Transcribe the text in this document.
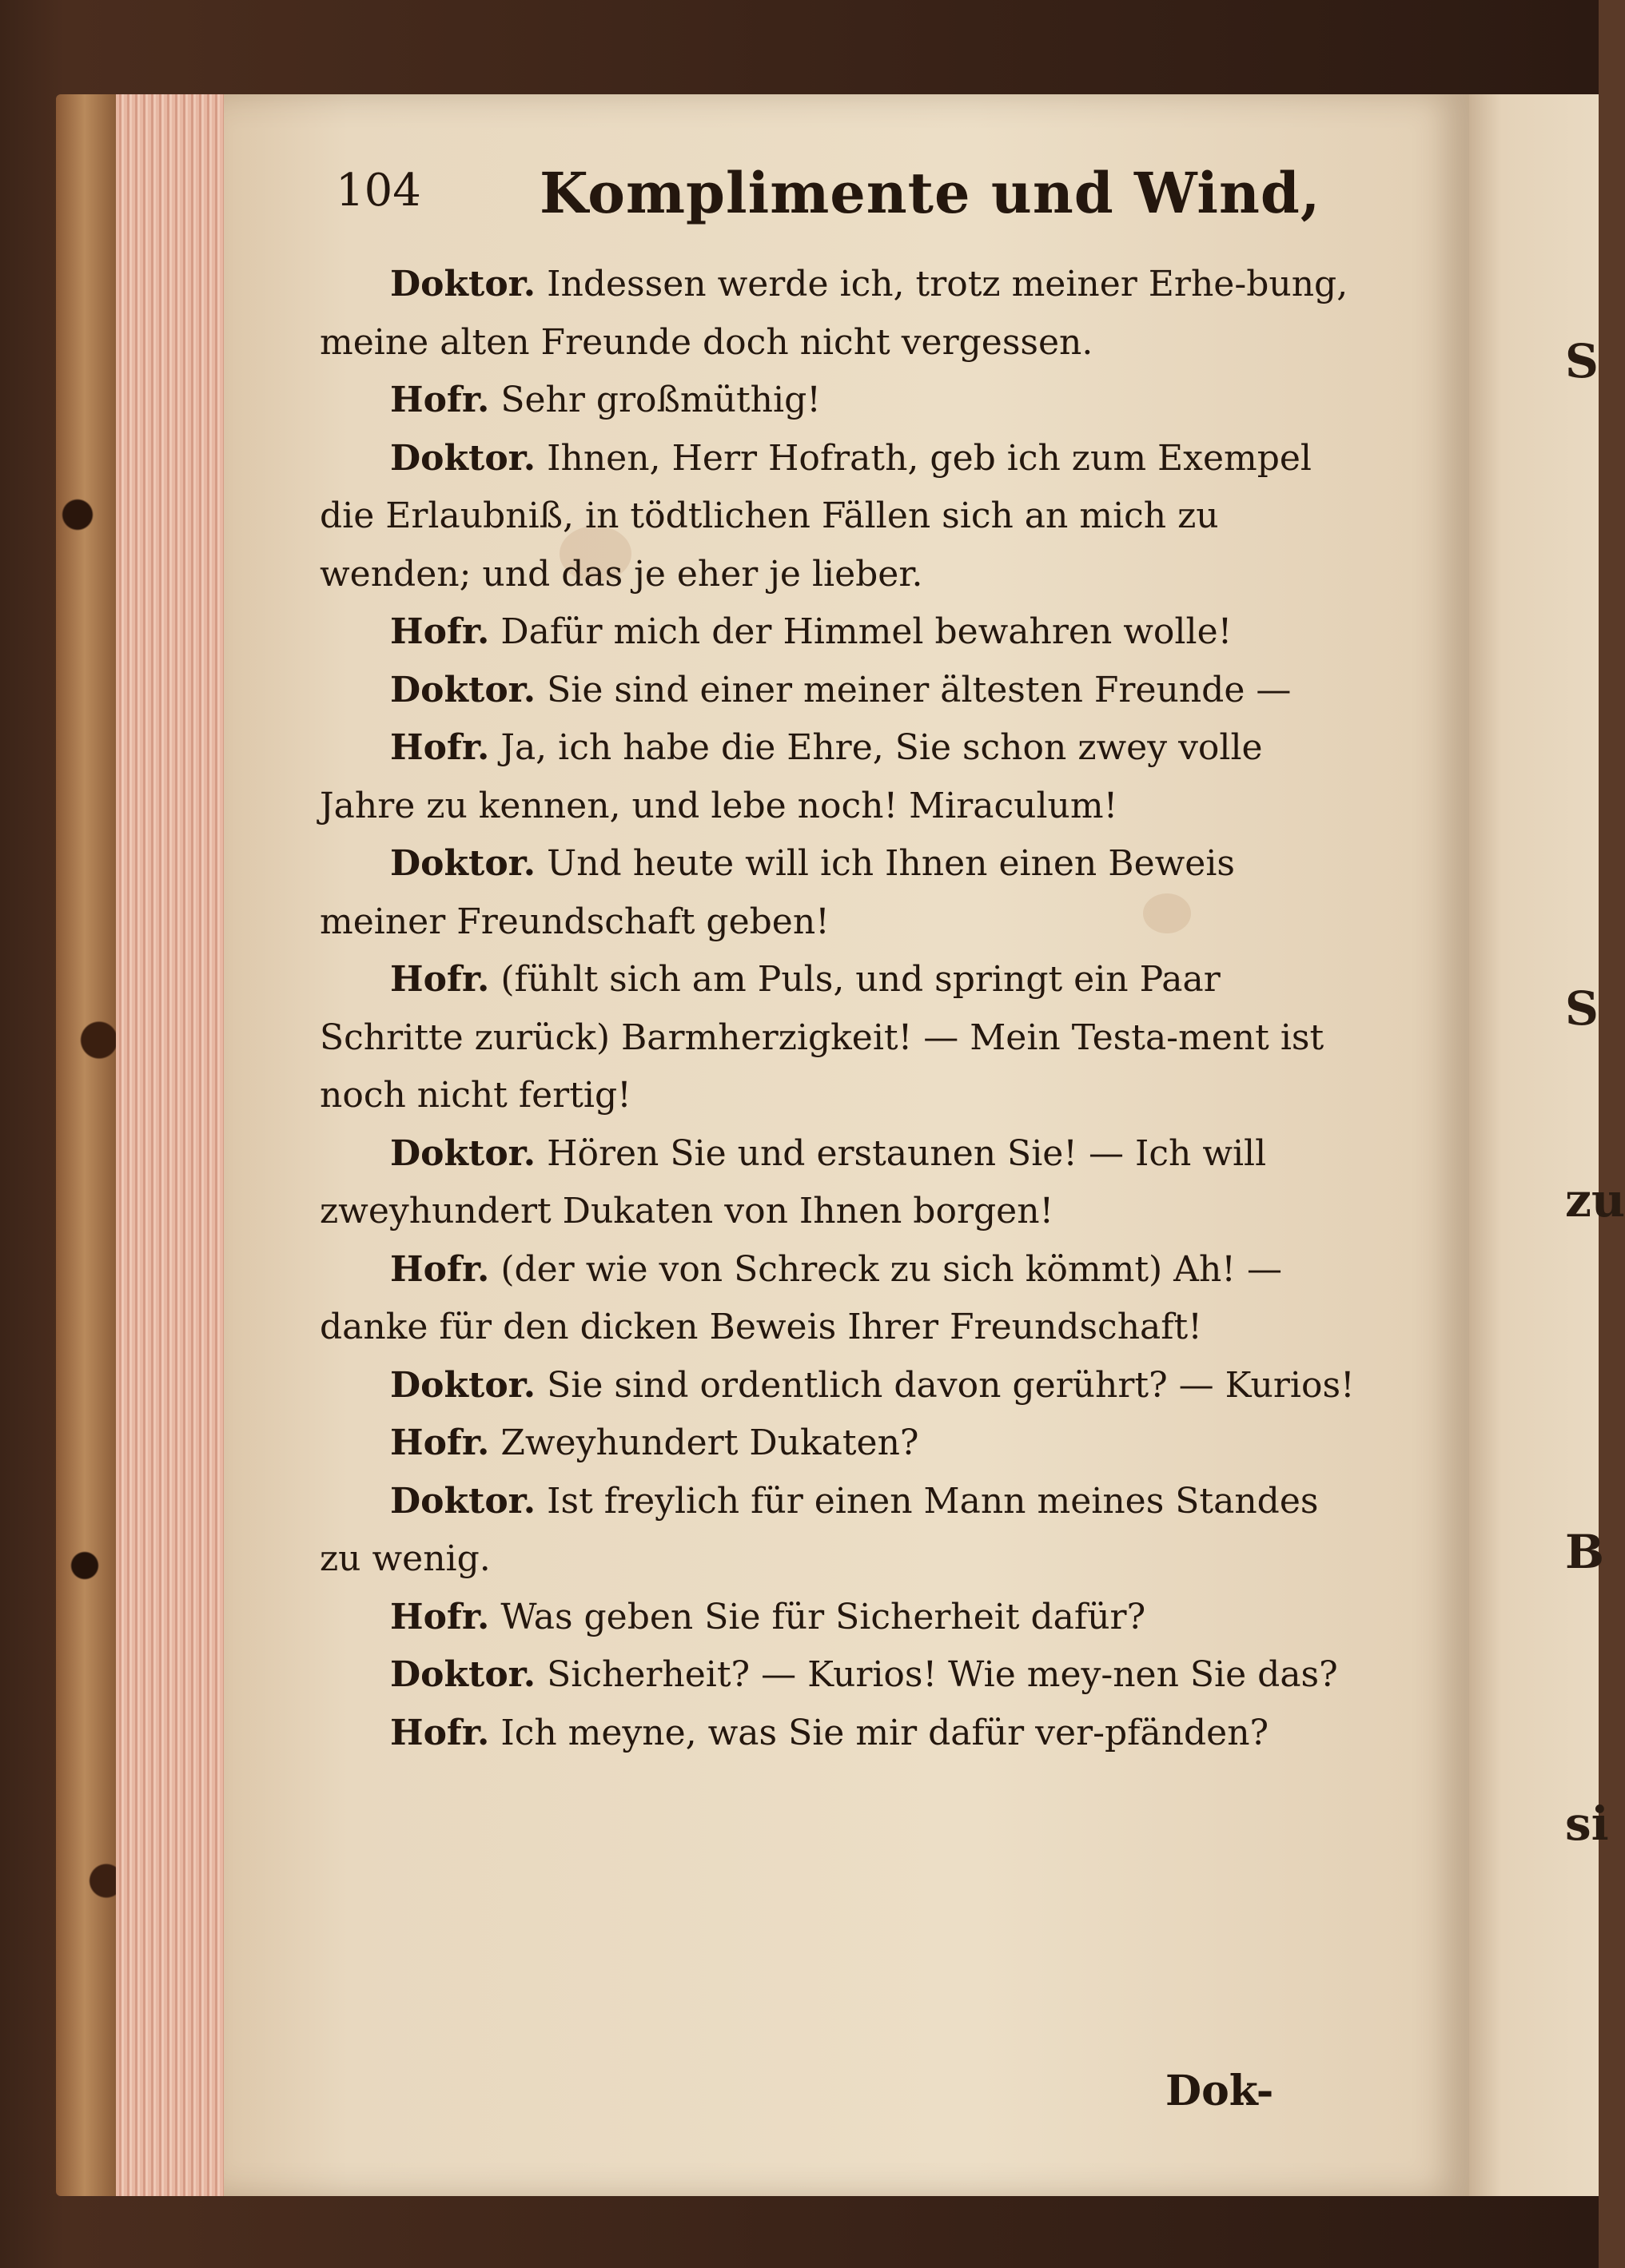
S
S
zu
B
si
104 Komplimente und Wind,

Doktor. Indessen werde ich, trotz meiner Erhe-bung, meine alten Freunde doch nicht vergessen.

Hofr. Sehr großmüthig!

Doktor. Ihnen, Herr Hofrath, geb ich zum Exempel die Erlaubniß, in tödtlichen Fällen sich an mich zu wenden; und das je eher je lieber.

Hofr. Dafür mich der Himmel bewahren wolle!

Doktor. Sie sind einer meiner ältesten Freunde —

Hofr. Ja, ich habe die Ehre, Sie schon zwey volle Jahre zu kennen, und lebe noch! Miraculum!

Doktor. Und heute will ich Ihnen einen Beweis meiner Freundschaft geben!

Hofr. (fühlt sich am Puls, und springt ein Paar Schritte zurück) Barmherzigkeit! — Mein Testa-ment ist noch nicht fertig!

Doktor. Hören Sie und erstaunen Sie! — Ich will zweyhundert Dukaten von Ihnen borgen!

Hofr. (der wie von Schreck zu sich kömmt) Ah! — danke für den dicken Beweis Ihrer Freundschaft!

Doktor. Sie sind ordentlich davon gerührt? — Kurios!

Hofr. Zweyhundert Dukaten?

Doktor. Ist freylich für einen Mann meines Standes zu wenig.

Hofr. Was geben Sie für Sicherheit dafür?

Doktor. Sicherheit? — Kurios! Wie mey-nen Sie das?

Hofr. Ich meyne, was Sie mir dafür ver-pfänden?

Dok-
